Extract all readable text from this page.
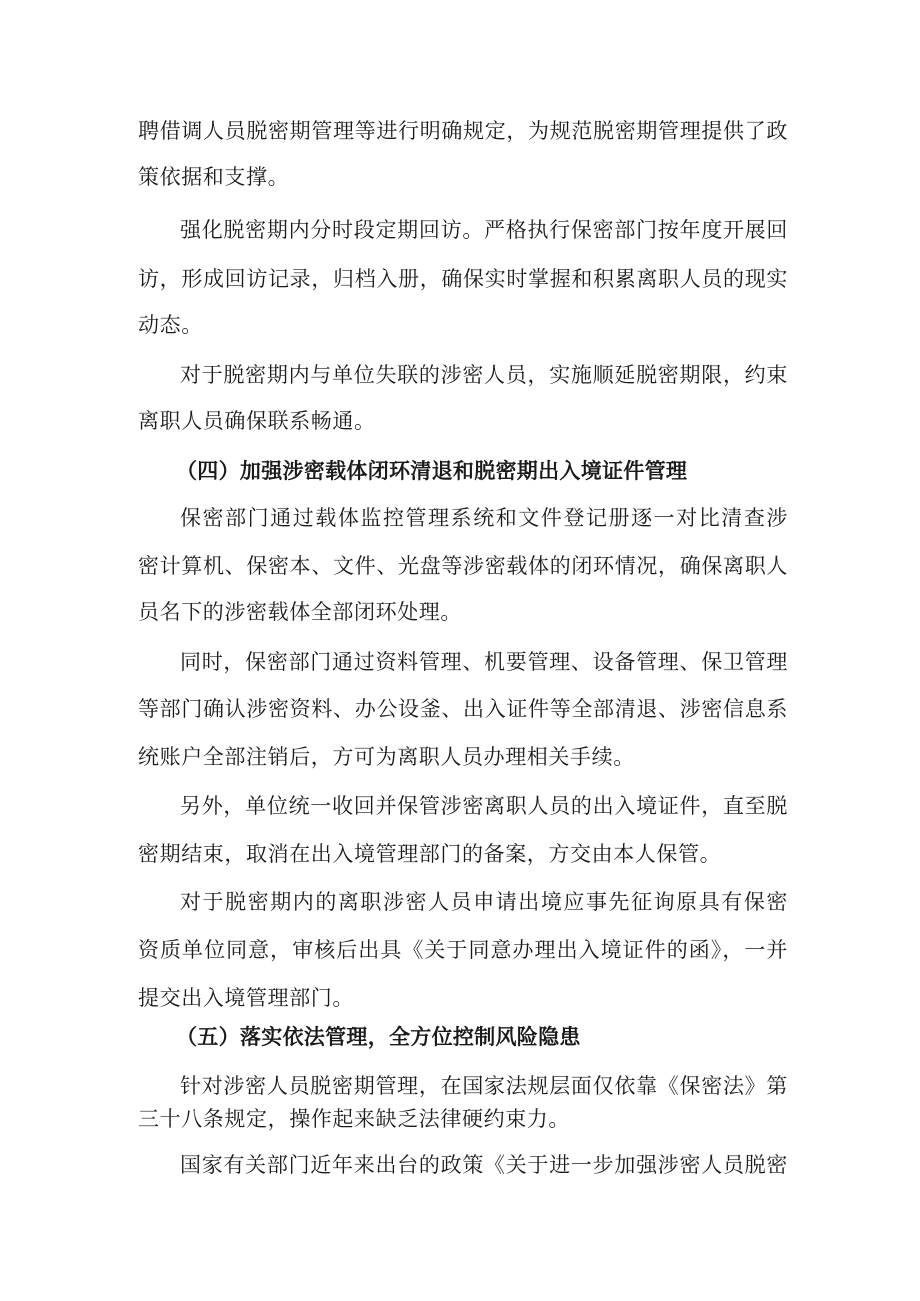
聘借调人员脱密期管理等进行明确规定，为规范脱密期管理提供了政
策依据和支撑。
强化脱密期内分时段定期回访。严格执行保密部门按年度开展回
访，形成回访记录，归档入册，确保实时掌握和积累离职人员的现实
动态。
对于脱密期内与单位失联的涉密人员，实施顺延脱密期限，约束
离职人员确保联系畅通。
（四）加强涉密载体闭环清退和脱密期出入境证件管理
保密部门通过载体监控管理系统和文件登记册逐一对比清查涉
密计算机、保密本、文件、光盘等涉密载体的闭环情况，确保离职人
员名下的涉密载体全部闭环处理。
同时，保密部门通过资料管理、机要管理、设备管理、保卫管理
等部门确认涉密资料、办公设釜、出入证件等全部清退、涉密信息系
统账户全部注销后，方可为离职人员办理相关手续。
另外，单位统一收回并保管涉密离职人员的出入境证件，直至脱
密期结束，取消在出入境管理部门的备案，方交由本人保管。
对于脱密期内的离职涉密人员申请出境应事先征询原具有保密
资质单位同意，审核后出具《关于同意办理出入境证件的函》，一并
提交出入境管理部门。
（五）落实依法管理，全方位控制风险隐患
针对涉密人员脱密期管理，在国家法规层面仅依靠《保密法》第
三十八条规定，操作起来缺乏法律硬约束力。
国家有关部门近年来出台的政策《关于进一步加强涉密人员脱密
